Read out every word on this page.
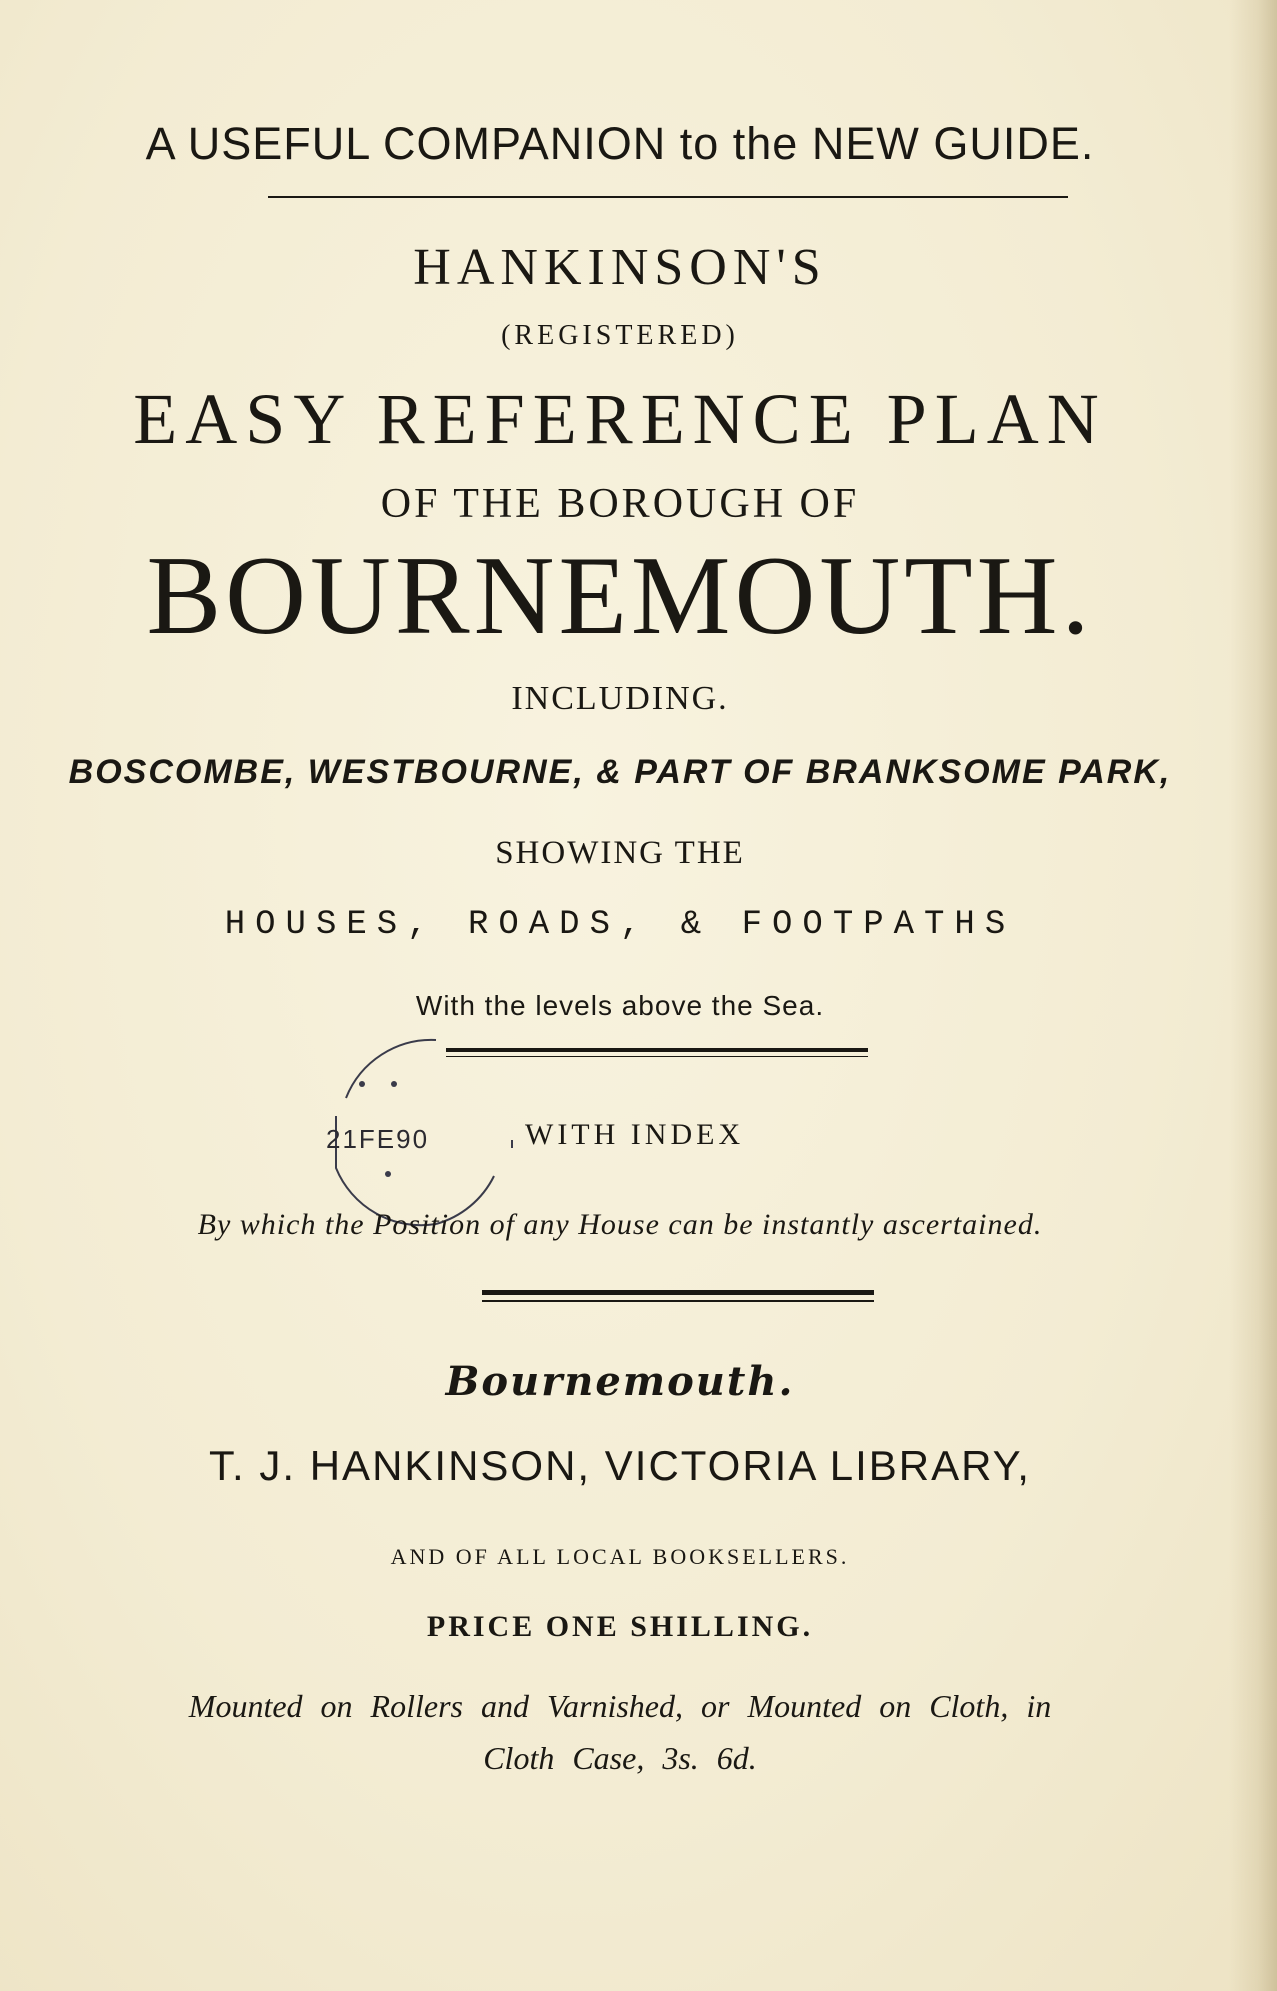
A USEFUL COMPANION to the NEW GUIDE.
HANKINSON'S
(REGISTERED)
EASY REFERENCE PLAN
OF THE BOROUGH OF
BOURNEMOUTH.
INCLUDING.
BOSCOMBE, WESTBOURNE, & PART OF BRANKSOME PARK,
SHOWING THE
HOUSES, ROADS, & FOOTPATHS
With the levels above the Sea.
21FE90	WITH INDEX
By which the Position of any House can be instantly ascertained.
Bournemouth.
T. J. HANKINSON, VICTORIA LIBRARY,
AND OF ALL LOCAL BOOKSELLERS.
PRICE ONE SHILLING.
Mounted on Rollers and Varnished, or Mounted on Cloth, in
Cloth Case, 3s. 6d.
